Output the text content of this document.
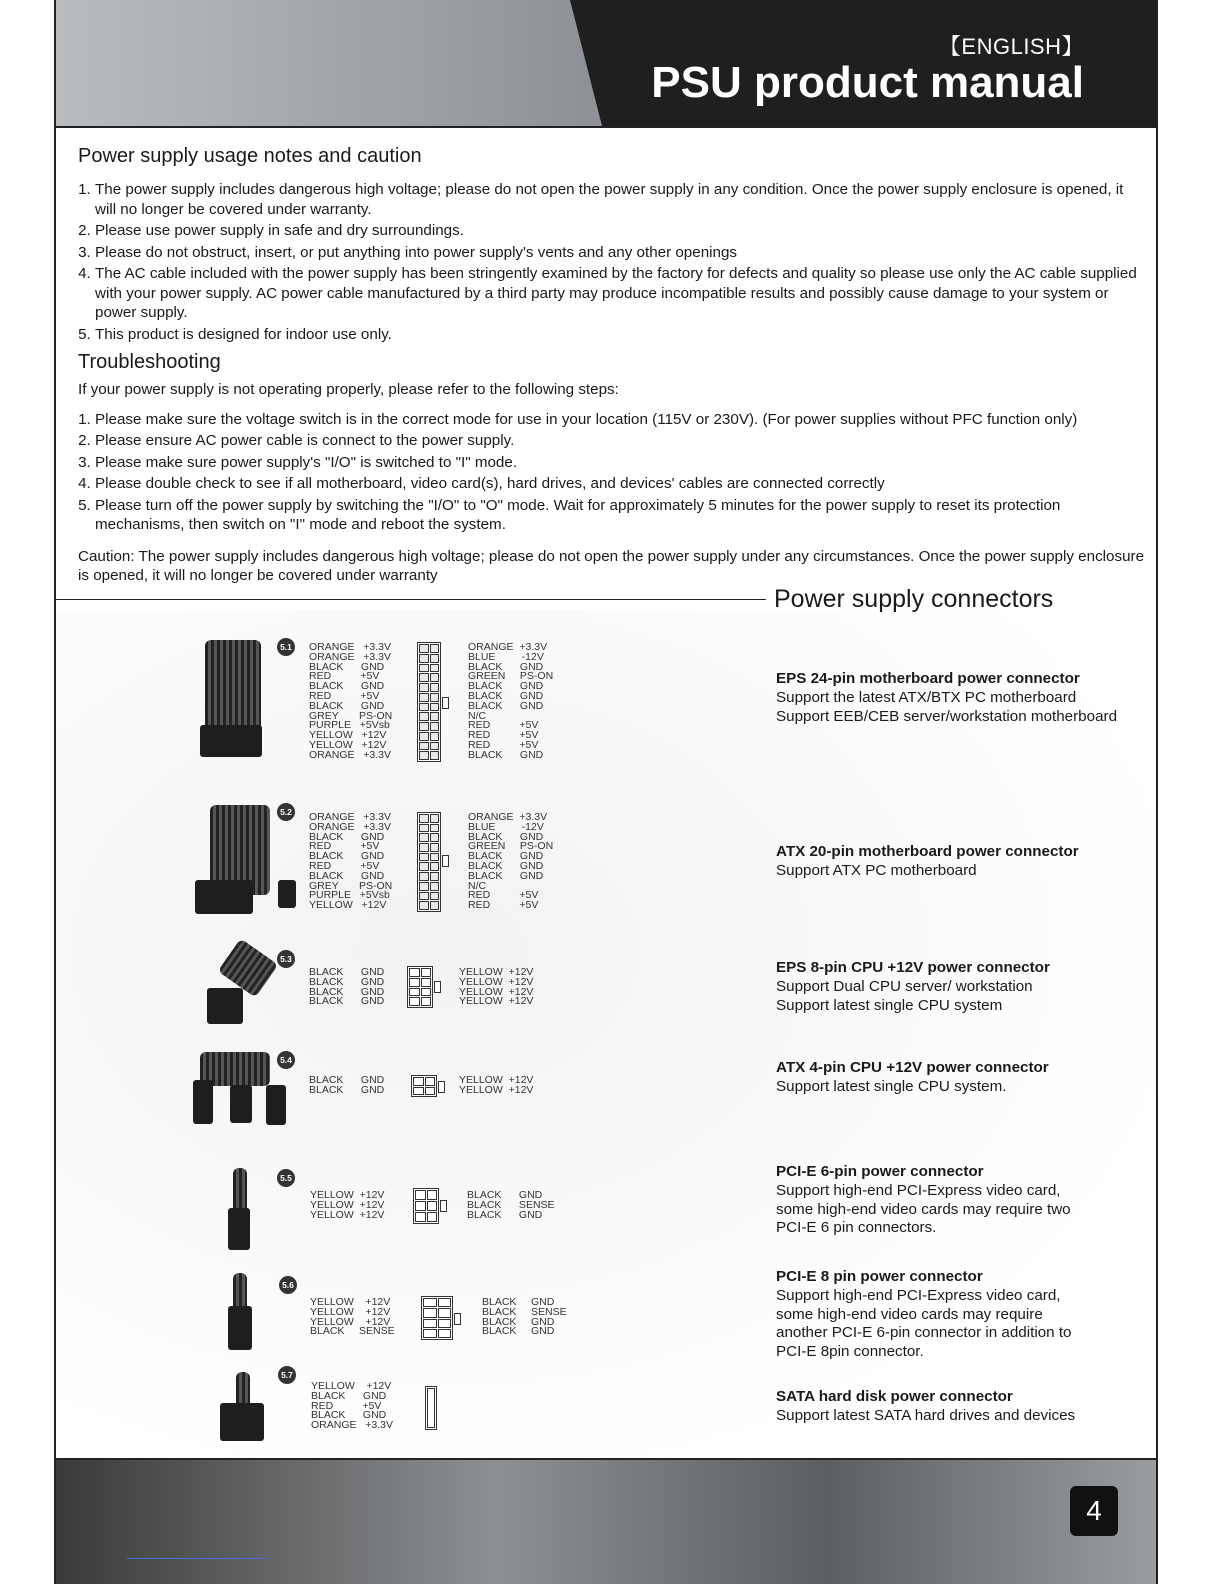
【ENGLISH】
PSU product manual
Power supply usage notes and caution
1. The power supply includes dangerous high voltage; please do not open the power supply in any condition. Once the power supply enclosure is opened, it will no longer be covered under warranty.
2. Please use power supply in safe and dry surroundings.
3. Please do not obstruct, insert, or put anything into power supply's vents and any other openings
4. The AC cable included with the power supply has been stringently examined by the factory for defects and quality so please use only the AC cable supplied with your power supply. AC power cable manufactured by a third party may produce incompatible results and possibly cause damage to your system or power supply.
5. This product is designed for indoor use only.
Troubleshooting

If your power supply is not operating properly, please refer to the following steps:

1. Please make sure the voltage switch is in the correct mode for use in your location (115V or 230V). (For power supplies without PFC function only)
2. Please ensure AC power cable is connect to the power supply.
3. Please make sure power supply's "I/O" is switched to "I" mode.
4. Please double check to see if all motherboard, video card(s), hard drives, and devices' cables are connected correctly
5. Please turn off the power supply by switching the "I/O" to "O" mode. Wait for approximately 5 minutes for the power supply to reset its protection mechanisms, then switch on "I" mode and reboot the system.

Caution: The power supply includes dangerous high voltage; please do not open the power supply under any circumstances. Once the power supply enclosure is opened, it will no longer be covered under warranty

Power supply connectors
5.1 ORANGE   +3.3V
ORANGE   +3.3V
BLACK      GND
RED          +5V
BLACK      GND
RED          +5V
BLACK      GND
GREY       PS-ON
PURPLE   +5Vsb
YELLOW   +12V
YELLOW   +12V
ORANGE   +3.3V
ORANGE  +3.3V
BLUE         -12V
BLACK      GND
GREEN     PS-ON
BLACK      GND
BLACK      GND
BLACK      GND
N/C
RED          +5V
RED          +5V
RED          +5V
BLACK      GND
EPS 24-pin motherboard power connector
Support the latest ATX/BTX PC motherboard
Support EEB/CEB server/workstation motherboard
5.2 ORANGE   +3.3V
ORANGE   +3.3V
BLACK      GND
RED          +5V
BLACK      GND
RED          +5V
BLACK      GND
GREY       PS-ON
PURPLE   +5Vsb
YELLOW   +12V
ORANGE  +3.3V
BLUE         -12V
BLACK      GND
GREEN     PS-ON
BLACK      GND
BLACK      GND
BLACK      GND
N/C
RED          +5V
RED          +5V
ATX 20-pin motherboard power connector
Support ATX PC motherboard
5.3
BLACK      GND
BLACK      GND
BLACK      GND
BLACK      GND
YELLOW  +12V
YELLOW  +12V
YELLOW  +12V
YELLOW  +12V
EPS 8-pin CPU +12V power connector
Support Dual CPU server/ workstation
Support latest single CPU system
5.4
BLACK      GND
BLACK      GND
YELLOW  +12V
YELLOW  +12V
ATX 4-pin CPU +12V power connector
Support latest single CPU system.
5.5
YELLOW  +12V
YELLOW  +12V
YELLOW  +12V
BLACK      GND
BLACK      SENSE
BLACK      GND
PCI-E 6-pin power connector
Support high-end PCI-Express video card,
some high-end video cards may require two
PCI-E 6 pin connectors.
5.6
YELLOW    +12V
YELLOW    +12V
YELLOW    +12V
BLACK     SENSE
BLACK     GND
BLACK     SENSE
BLACK     GND
BLACK     GND
PCI-E 8 pin power connector
Support high-end PCI-Express video card,
some high-end video cards may require
another PCI-E 6-pin connector in addition to
PCI-E 8pin connector.
5.7
YELLOW    +12V
BLACK      GND
RED          +5V
BLACK      GND
ORANGE   +3.3V
SATA hard disk power connector
Support latest SATA hard drives and devices
4
